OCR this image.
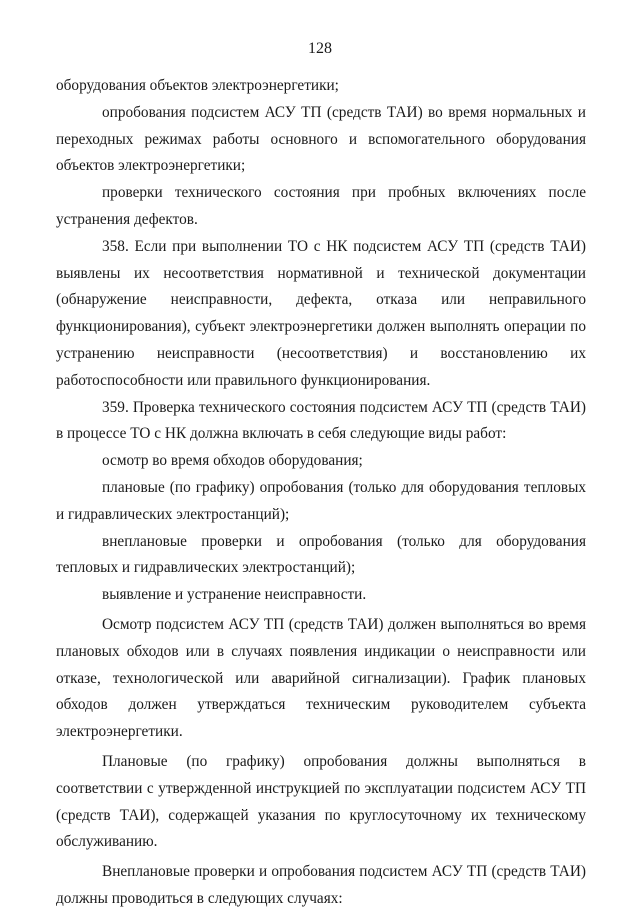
128

оборудования объектов электроэнергетики;

опробования подсистем АСУ ТП (средств ТАИ) во время нормальных и переходных режимах работы основного и вспомогательного оборудования объектов электроэнергетики;

проверки технического состояния при пробных включениях после устранения дефектов.

358. Если при выполнении ТО с НК подсистем АСУ ТП (средств ТАИ) выявлены их несоответствия нормативной и технической документации (обнаружение неисправности, дефекта, отказа или неправильного функционирования), субъект электроэнергетики должен выполнять операции по устранению неисправности (несоответствия) и восстановлению их работоспособности или правильного функционирования.

359. Проверка технического состояния подсистем АСУ ТП (средств ТАИ) в процессе ТО с НК должна включать в себя следующие виды работ:

осмотр во время обходов оборудования;

плановые (по графику) опробования (только для оборудования тепловых и гидравлических электростанций);

внеплановые проверки и опробования (только для оборудования тепловых и гидравлических электростанций);

выявление и устранение неисправности.

Осмотр подсистем АСУ ТП (средств ТАИ) должен выполняться во время плановых обходов или в случаях появления индикации о неисправности или отказе, технологической или аварийной сигнализации). График плановых обходов должен утверждаться техническим руководителем субъекта электроэнергетики.

Плановые (по графику) опробования должны выполняться в соответствии с утвержденной инструкцией по эксплуатации подсистем АСУ ТП (средств ТАИ), содержащей указания по круглосуточному их техническому обслуживанию.

Внеплановые проверки и опробования подсистем АСУ ТП (средств ТАИ) должны проводиться в следующих случаях:
